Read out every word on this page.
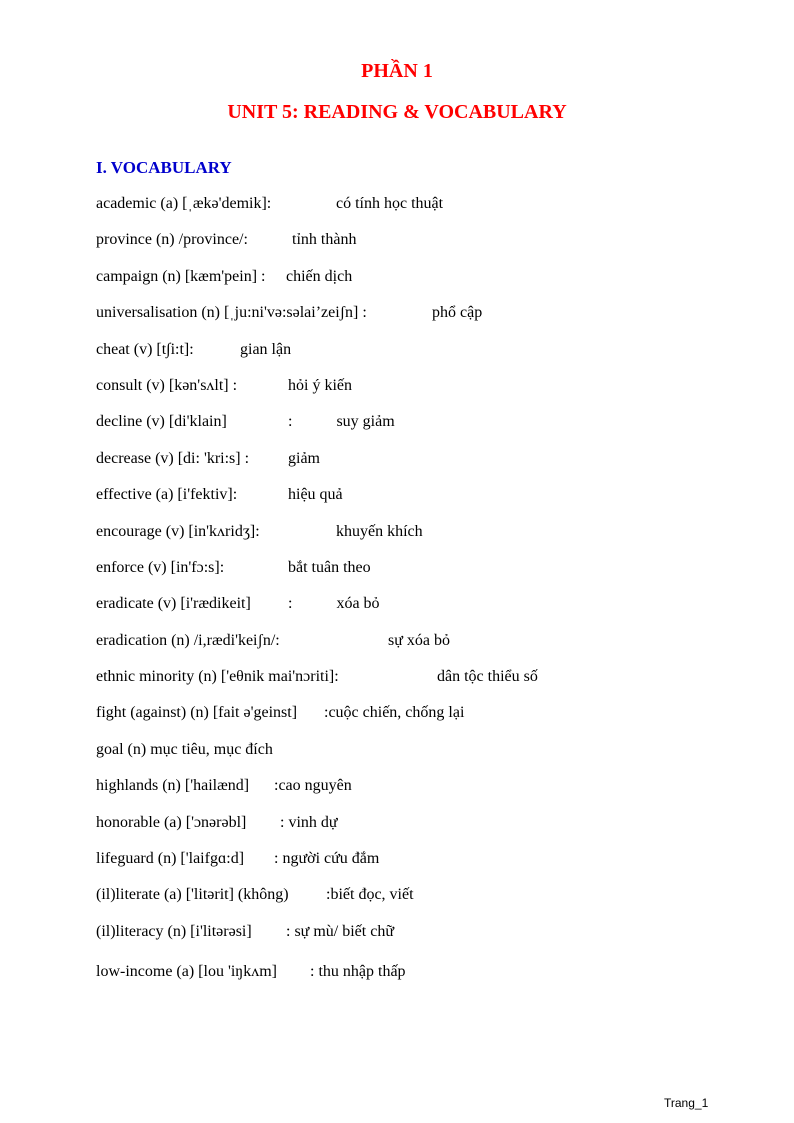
PHẦN 1
UNIT 5: READING & VOCABULARY
I. VOCABULARY
academic (a) [ˌækə'demik]:	có tính học thuật
province (n) /province/:	tỉnh thành
campaign (n) [kæm'pein] : chiến dịch
universalisation (n) [ˌju:ni'və:səlai’zeiʃn] :	phổ cập
cheat (v) [t∫i:t]:	gian lận
consult (v) [kən'sʌlt] :	hỏi ý kiến
decline (v) [di'klain]	:           suy giảm
decrease (v) [di: 'kri:s] : giảm
effective (a) [i'fektiv]:	hiệu quả
encourage (v) [in'kʌridʒ]:	khuyến khích
enforce (v) [in'fɔ:s]:	bắt tuân theo
eradicate (v) [i'rædikeit] :           xóa bỏ
eradication (n) /i,rædi'keiʃn/:	sự xóa bỏ
ethnic minority (n) ['eθnik mai'nɔriti]:	dân tộc thiểu số
fight (against) (n) [fait ə'geinst] :cuộc chiến, chống lại
goal (n) mục tiêu, mục đích
highlands (n) ['hailænd] :cao nguyên
honorable (a) ['ɔnərəbl] : vinh dự
lifeguard (n) ['laifgɑ:d] : người cứu đắm
(il)literate (a) ['litərit] (không) :biết đọc, viết
(il)literacy (n) [i'litərəsi] : sự mù/ biết chữ
low-income (a) [lou 'iŋkʌm] : thu nhập thấp
Trang_1
